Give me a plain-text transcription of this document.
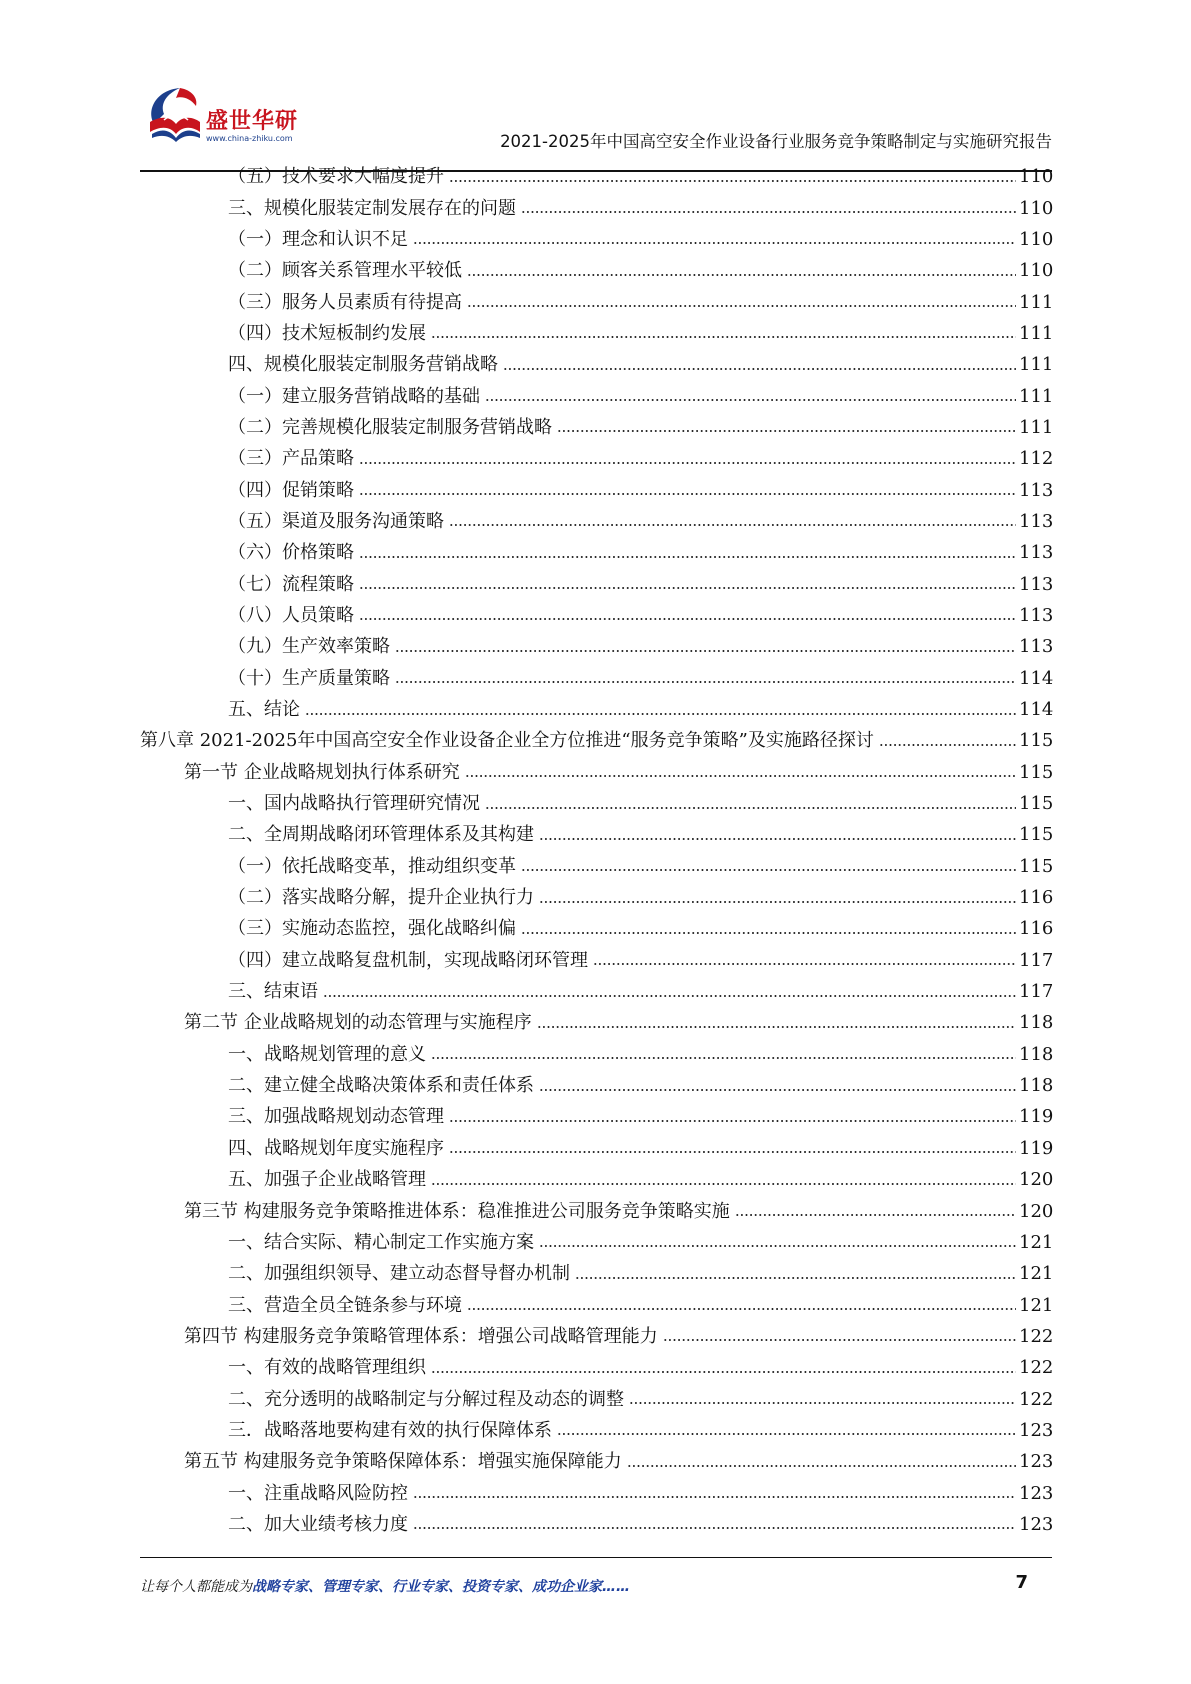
盛世华研
www.china-zhiku.com	2021-2025年中国高空安全作业设备行业服务竞争策略制定与实施研究报告
（五）技术要求大幅度提升	110
三、规模化服装定制发展存在的问题	110
（一）理念和认识不足	110
（二）顾客关系管理水平较低	110
（三）服务人员素质有待提高	111
（四）技术短板制约发展	111
四、规模化服装定制服务营销战略	111
（一）建立服务营销战略的基础	111
（二）完善规模化服装定制服务营销战略	111
（三）产品策略	112
（四）促销策略	113
（五）渠道及服务沟通策略	113
（六）价格策略	113
（七）流程策略	113
（八）人员策略	113
（九）生产效率策略	113
（十）生产质量策略	114
五、结论	114
第八章 2021-2025年中国高空安全作业设备企业全方位推进“服务竞争策略”及实施路径探讨	115
第一节 企业战略规划执行体系研究	115
一、国内战略执行管理研究情况	115
二、全周期战略闭环管理体系及其构建	115
（一）依托战略变革，推动组织变革	115
（二）落实战略分解，提升企业执行力	116
（三）实施动态监控，强化战略纠偏	116
（四）建立战略复盘机制，实现战略闭环管理	117
三、结束语	117
第二节 企业战略规划的动态管理与实施程序	118
一、战略规划管理的意义	118
二、建立健全战略决策体系和责任体系	118
三、加强战略规划动态管理	119
四、战略规划年度实施程序	119
五、加强子企业战略管理	120
第三节 构建服务竞争策略推进体系：稳准推进公司服务竞争策略实施	120
一、结合实际、精心制定工作实施方案	121
二、加强组织领导、建立动态督导督办机制	121
三、营造全员全链条参与环境	121
第四节 构建服务竞争策略管理体系：增强公司战略管理能力	122
一、有效的战略管理组织	122
二、充分透明的战略制定与分解过程及动态的调整	122
三．战略落地要构建有效的执行保障体系	123
第五节 构建服务竞争策略保障体系：增强实施保障能力	123
一、注重战略风险防控	123
二、加大业绩考核力度	123
让每个人都能成为战略专家、管理专家、行业专家、投资专家、成功企业家……	7
